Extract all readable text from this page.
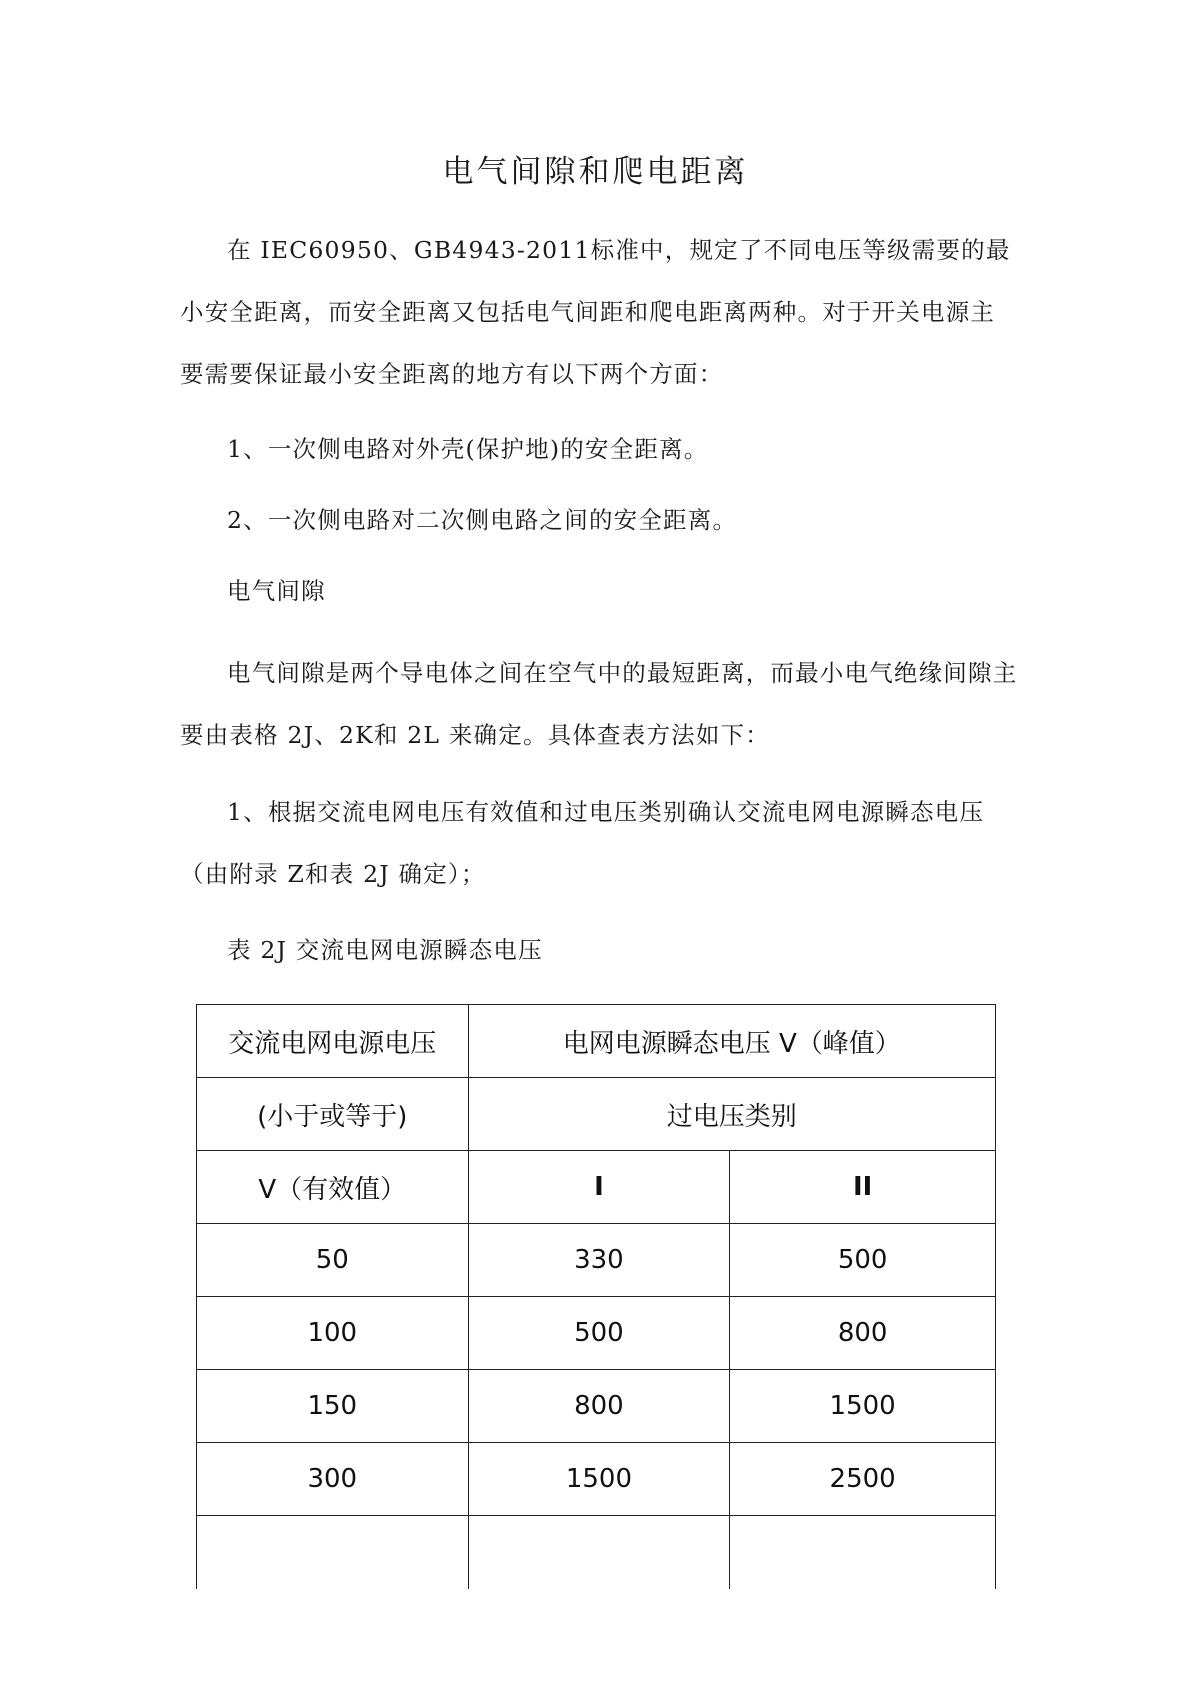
电气间隙和爬电距离

在 IEC60950、GB4943-2011标准中，规定了不同电压等级需要的最小安全距离，而安全距离又包括电气间距和爬电距离两种。对于开关电源主要需要保证最小安全距离的地方有以下两个方面：

1、一次侧电路对外壳(保护地)的安全距离。

2、一次侧电路对二次侧电路之间的安全距离。

电气间隙

电气间隙是两个导电体之间在空气中的最短距离，而最小电气绝缘间隙主要由表格 2J、2K和 2L 来确定。具体查表方法如下：

1、根据交流电网电压有效值和过电压类别确认交流电网电源瞬态电压（由附录 Z和表 2J 确定）；

表 2J 交流电网电源瞬态电压

交流电网电源电压	电网电源瞬态电压 V（峰值）	
(小于或等于)	过电压类别	
V（有效值）	I	II
50	330	500
100	500	800
150	800	1500
300	1500	2500
